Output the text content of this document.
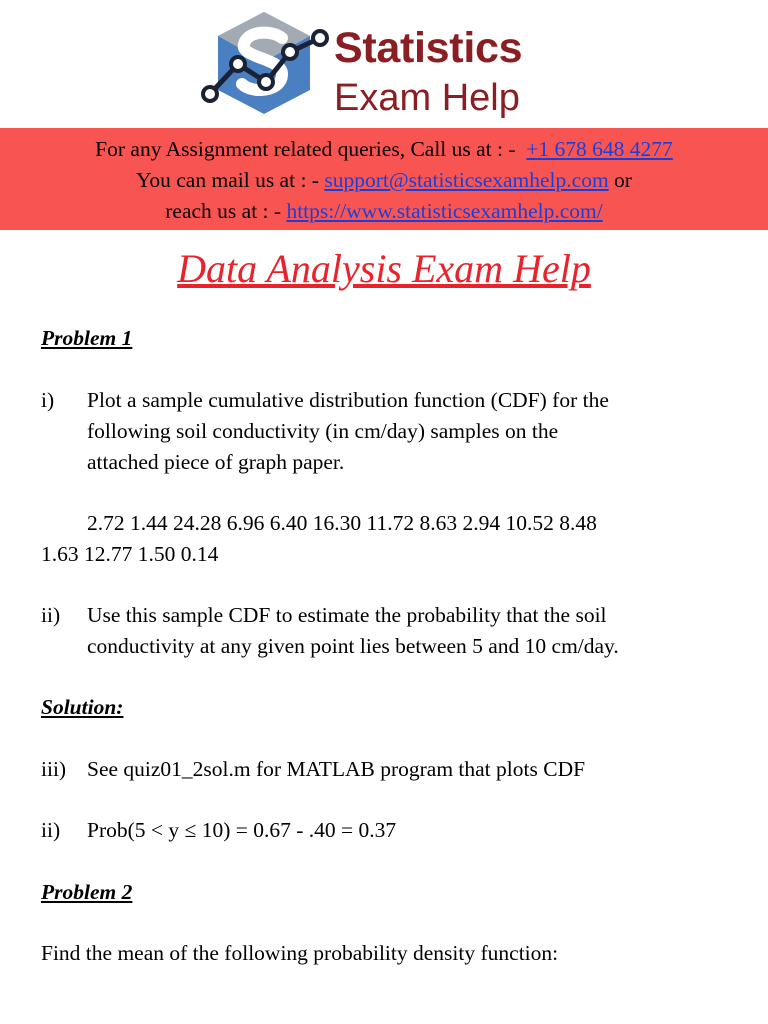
Statistics
Exam Help
For any Assignment related queries, Call us at : - +1 678 648 4277
You can mail us at : - support@statisticsexamhelp.com or
reach us at : - https://www.statisticsexamhelp.com/
Data Analysis Exam Help
Problem 1
i) Plot a sample cumulative distribution function (CDF) for the
following soil conductivity (in cm/day) samples on the
attached piece of graph paper.
2.72 1.44 24.28 6.96 6.40 16.30 11.72 8.63 2.94 10.52 8.48
1.63 12.77 1.50 0.14
ii) Use this sample CDF to estimate the probability that the soil
conductivity at any given point lies between 5 and 10 cm/day.
Solution:
iii) See quiz01_2sol.m for MATLAB program that plots CDF
ii) Prob(5 < y ≤ 10) = 0.67 - .40 = 0.37
Problem 2
Find the mean of the following probability density function:
